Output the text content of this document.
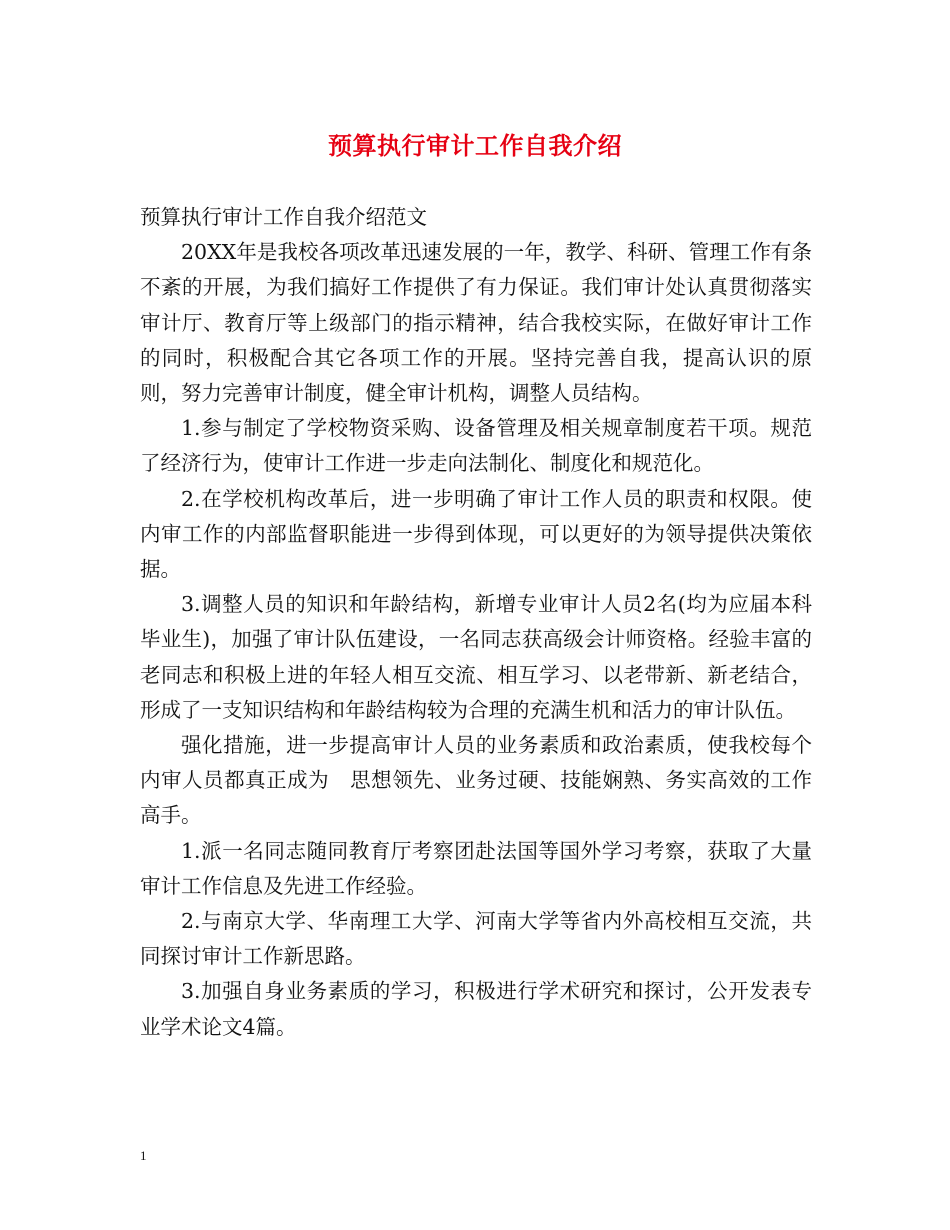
预算执行审计工作自我介绍

预算执行审计工作自我介绍范文

20XX年是我校各项改革迅速发展的一年，教学、科研、管理工作有条不紊的开展，为我们搞好工作提供了有力保证。我们审计处认真贯彻落实审计厅、教育厅等上级部门的指示精神，结合我校实际，在做好审计工作的同时，积极配合其它各项工作的开展。坚持完善自我，提高认识的原则，努力完善审计制度，健全审计机构，调整人员结构。

1.参与制定了学校物资采购、设备管理及相关规章制度若干项。规范了经济行为，使审计工作进一步走向法制化、制度化和规范化。

2.在学校机构改革后，进一步明确了审计工作人员的职责和权限。使内审工作的内部监督职能进一步得到体现，可以更好的为领导提供决策依据。

3.调整人员的知识和年龄结构，新增专业审计人员2名(均为应届本科毕业生)，加强了审计队伍建设，一名同志获高级会计师资格。经验丰富的老同志和积极上进的年轻人相互交流、相互学习、以老带新、新老结合，形成了一支知识结构和年龄结构较为合理的充满生机和活力的审计队伍。

强化措施，进一步提高审计人员的业务素质和政治素质，使我校每个内审人员都真正成为　思想领先、业务过硬、技能娴熟、务实高效的工作高手。

1.派一名同志随同教育厅考察团赴法国等国外学习考察，获取了大量审计工作信息及先进工作经验。

2.与南京大学、华南理工大学、河南大学等省内外高校相互交流，共同探讨审计工作新思路。

3.加强自身业务素质的学习，积极进行学术研究和探讨，公开发表专业学术论文4篇。

1
